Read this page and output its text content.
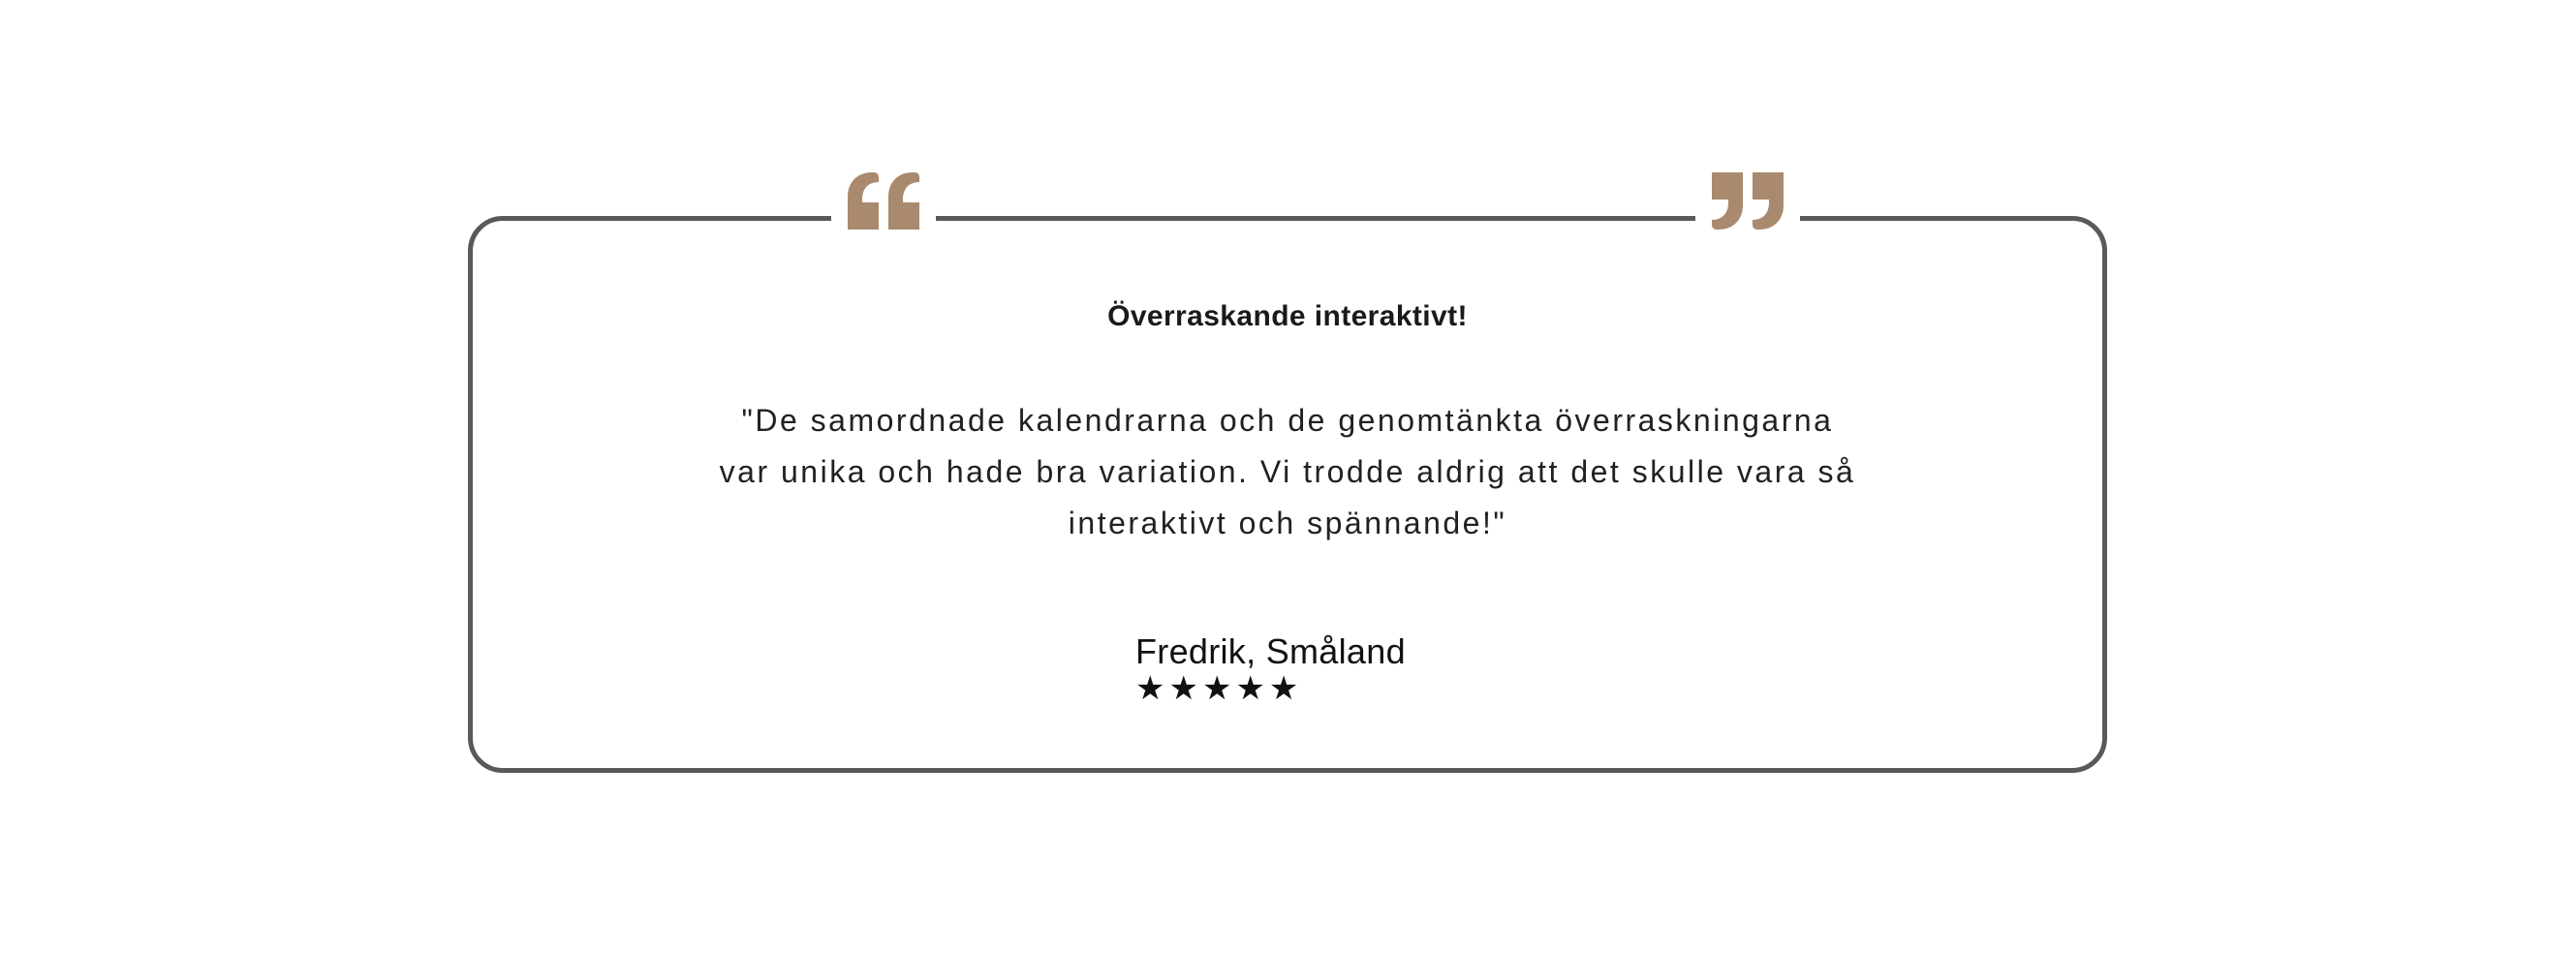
Överraskande interaktivt!
"De samordnade kalendrarna och de genomtänkta överraskningarna
var unika och hade bra variation. Vi trodde aldrig att det skulle vara så
interaktivt och spännande!"
Fredrik, Småland
★★★★★
